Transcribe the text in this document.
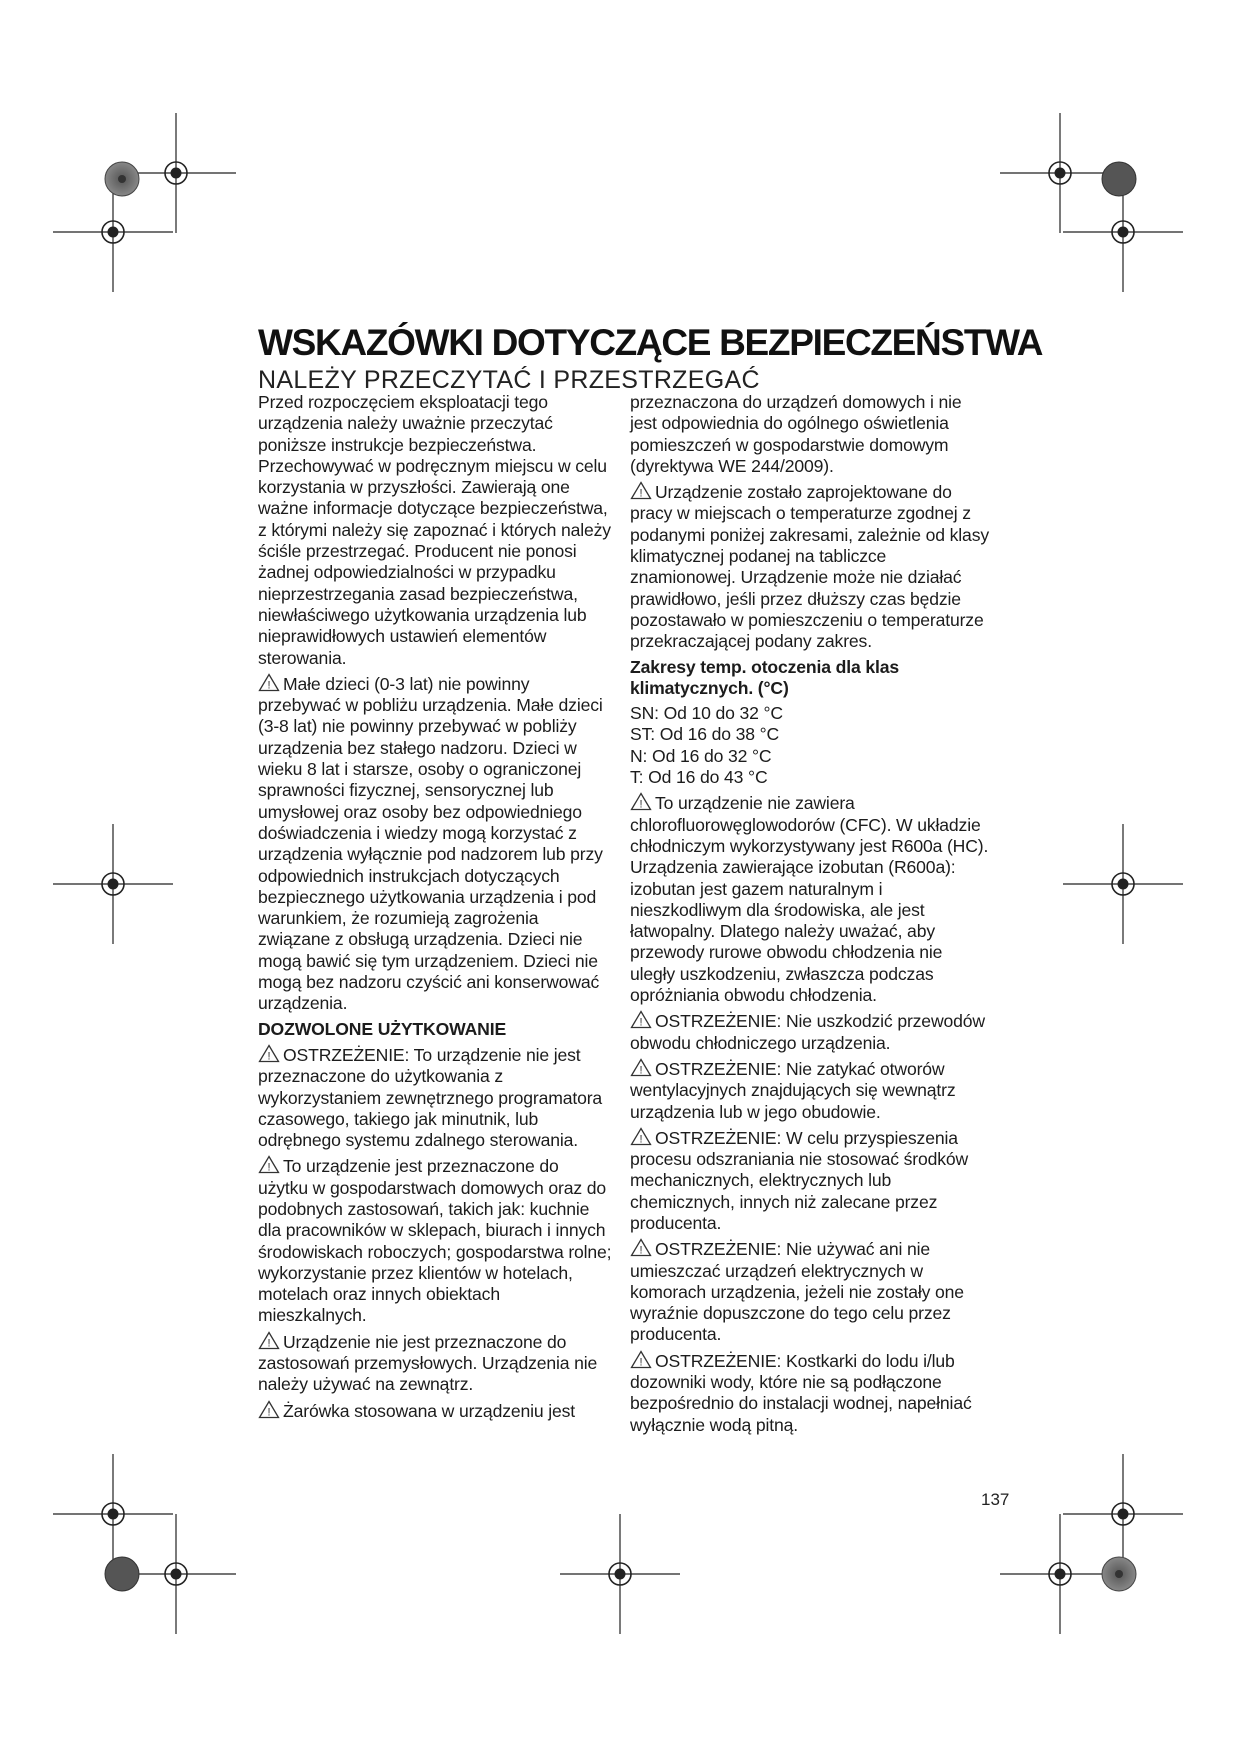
WSKAZÓWKI DOTYCZĄCE BEZPIECZEŃSTWA
NALEŻY PRZECZYTAĆ I PRZESTRZEGAĆ

Przed rozpoczęciem eksploatacji tego urządzenia należy uważnie przeczytać poniższe instrukcje bezpieczeństwa. Przechowywać w podręcznym miejscu w celu korzystania w przyszłości. Zawierają one ważne informacje dotyczące bezpieczeństwa, z którymi należy się zapoznać i których należy ściśle przestrzegać. Producent nie ponosi żadnej odpowiedzialności w przypadku nieprzestrzegania zasad bezpieczeństwa, niewłaściwego użytkowania urządzenia lub nieprawidłowych ustawień elementów sterowania.

! Małe dzieci (0-3 lat) nie powinny przebywać w pobliżu urządzenia. Małe dzieci (3-8 lat) nie powinny przebywać w pobliży urządzenia bez stałego nadzoru. Dzieci w wieku 8 lat i starsze, osoby o ograniczonej sprawności fizycznej, sensorycznej lub umysłowej oraz osoby bez odpowiedniego doświadczenia i wiedzy mogą korzystać z urządzenia wyłącznie pod nadzorem lub przy odpowiednich instrukcjach dotyczących bezpiecznego użytkowania urządzenia i pod warunkiem, że rozumieją zagrożenia związane z obsługą urządzenia. Dzieci nie mogą bawić się tym urządzeniem. Dzieci nie mogą bez nadzoru czyścić ani konserwować urządzenia.

DOZWOLONE UŻYTKOWANIE

! OSTRZEŻENIE: To urządzenie nie jest przeznaczone do użytkowania z wykorzystaniem zewnętrznego programatora czasowego, takiego jak minutnik, lub odrębnego systemu zdalnego sterowania.

! To urządzenie jest przeznaczone do użytku w gospodarstwach domowych oraz do podobnych zastosowań, takich jak: kuchnie dla pracowników w sklepach, biurach i innych środowiskach roboczych; gospodarstwa rolne; wykorzystanie przez klientów w hotelach, motelach oraz innych obiektach mieszkalnych.

! Urządzenie nie jest przeznaczone do zastosowań przemysłowych. Urządzenia nie należy używać na zewnątrz.

! Żarówka stosowana w urządzeniu jest

przeznaczona do urządzeń domowych i nie jest odpowiednia do ogólnego oświetlenia pomieszczeń w gospodarstwie domowym (dyrektywa WE 244/2009).

! Urządzenie zostało zaprojektowane do pracy w miejscach o temperaturze zgodnej z podanymi poniżej zakresami, zależnie od klasy klimatycznej podanej na tabliczce znamionowej. Urządzenie może nie działać prawidłowo, jeśli przez dłuższy czas będzie pozostawało w pomieszczeniu o temperaturze przekraczającej podany zakres.

Zakresy temp. otoczenia dla klas klimatycznych. (°C)

SN: Od 10 do 32 °C

ST: Od 16 do 38 °C

N: Od 16 do 32 °C

T: Od 16 do 43 °C

! To urządzenie nie zawiera chlorofluorowęglowodorów (CFC). W układzie chłodniczym wykorzystywany jest R600a (HC). Urządzenia zawierające izobutan (R600a): izobutan jest gazem naturalnym i nieszkodliwym dla środowiska, ale jest łatwopalny. Dlatego należy uważać, aby przewody rurowe obwodu chłodzenia nie uległy uszkodzeniu, zwłaszcza podczas opróżniania obwodu chłodzenia.

! OSTRZEŻENIE: Nie uszkodzić przewodów obwodu chłodniczego urządzenia.

! OSTRZEŻENIE: Nie zatykać otworów wentylacyjnych znajdujących się wewnątrz urządzenia lub w jego obudowie.

! OSTRZEŻENIE: W celu przyspieszenia procesu odszraniania nie stosować środków mechanicznych, elektrycznych lub chemicznych, innych niż zalecane przez producenta.

! OSTRZEŻENIE: Nie używać ani nie umieszczać urządzeń elektrycznych w komorach urządzenia, jeżeli nie zostały one wyraźnie dopuszczone do tego celu przez producenta.

! OSTRZEŻENIE: Kostkarki do lodu i/lub dozowniki wody, które nie są podłączone bezpośrednio do instalacji wodnej, napełniać wyłącznie wodą pitną.

137
